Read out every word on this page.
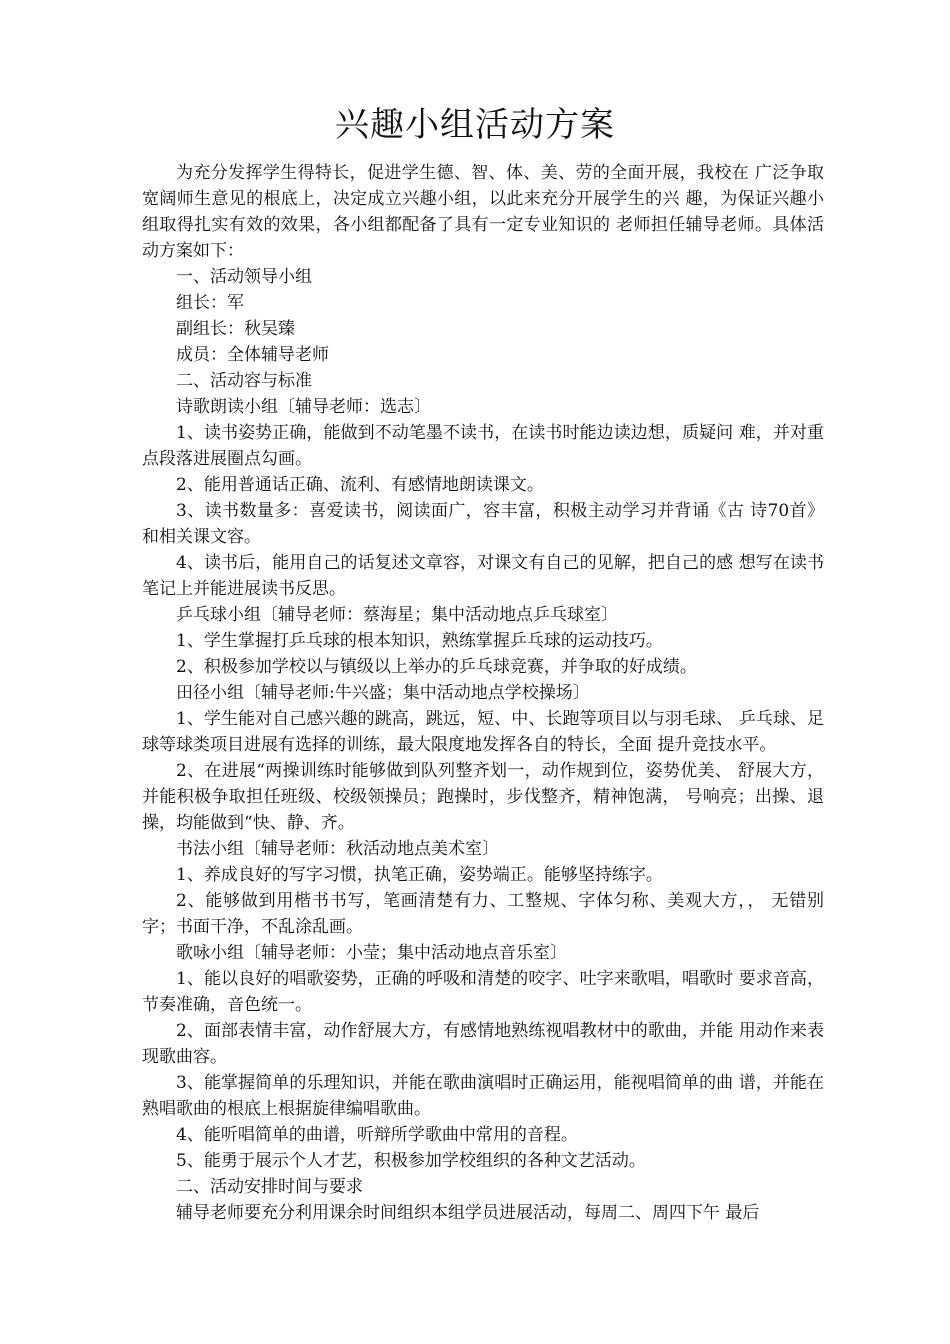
兴趣小组活动方案

为充分发挥学生得特长，促进学生德、智、体、美、劳的全面开展，我校在 广泛争取宽阔师生意见的根底上，决定成立兴趣小组，以此来充分开展学生的兴 趣，为保证兴趣小组取得扎实有效的效果，各小组都配备了具有一定专业知识的 老师担任辅导老师。具体活动方案如下：

一、活动领导小组

组长：军

副组长：秋吴臻

成员：全体辅导老师

二、活动容与标准

诗歌朗读小组〔辅导老师：选志〕

1、读书姿势正确，能做到不动笔墨不读书，在读书时能边读边想，质疑问 难，并对重点段落进展圈点勾画。

2、能用普通话正确、流利、有感情地朗读课文。

3、读书数量多：喜爱读书，阅读面广，容丰富，积极主动学习并背诵《古 诗70首》和相关课文容。

4、读书后，能用自己的话复述文章容，对课文有自己的见解，把自己的感 想写在读书笔记上并能进展读书反思。

乒乓球小组〔辅导老师：蔡海星；集中活动地点乒乓球室〕

1、学生掌握打乒乓球的根本知识，熟练掌握乒乓球的运动技巧。

2、积极参加学校以与镇级以上举办的乒乓球竞赛，并争取的好成绩。

田径小组〔辅导老师:牛兴盛；集中活动地点学校操场〕

1、学生能对自己感兴趣的跳高，跳远，短、中、长跑等项目以与羽毛球、 乒乓球、足球等球类项目进展有选择的训练，最大限度地发挥各自的特长，全面 提升竞技水平。

2、在进展“两操训练时能够做到队列整齐划一，动作规到位，姿势优美、 舒展大方，并能积极争取担任班级、校级领操员；跑操时，步伐整齐，精神饱满， 号响亮；出操、退操，均能做到“快、静、齐。

书法小组〔辅导老师：秋活动地点美术室〕

1、养成良好的写字习惯，执笔正确，姿势端正。能够坚持练字。

2、能够做到用楷书书写，笔画清楚有力、工整规、字体匀称、美观大方，， 无错别字；书面干净，不乱涂乱画。

歌咏小组〔辅导老师：小莹；集中活动地点音乐室〕

1、能以良好的唱歌姿势，正确的呼吸和清楚的咬字、吐字来歌唱，唱歌时 要求音高，节奏准确，音色统一。

2、面部表情丰富，动作舒展大方，有感情地熟练视唱教材中的歌曲，并能 用动作来表现歌曲容。

3、能掌握简单的乐理知识，并能在歌曲演唱时正确运用，能视唱简单的曲 谱，并能在熟唱歌曲的根底上根据旋律编唱歌曲。

4、能听唱简单的曲谱，听辩所学歌曲中常用的音程。

5、能勇于展示个人才艺，积极参加学校组织的各种文艺活动。

二、活动安排时间与要求

辅导老师要充分利用课余时间组织本组学员进展活动，每周二、周四下午 最后
